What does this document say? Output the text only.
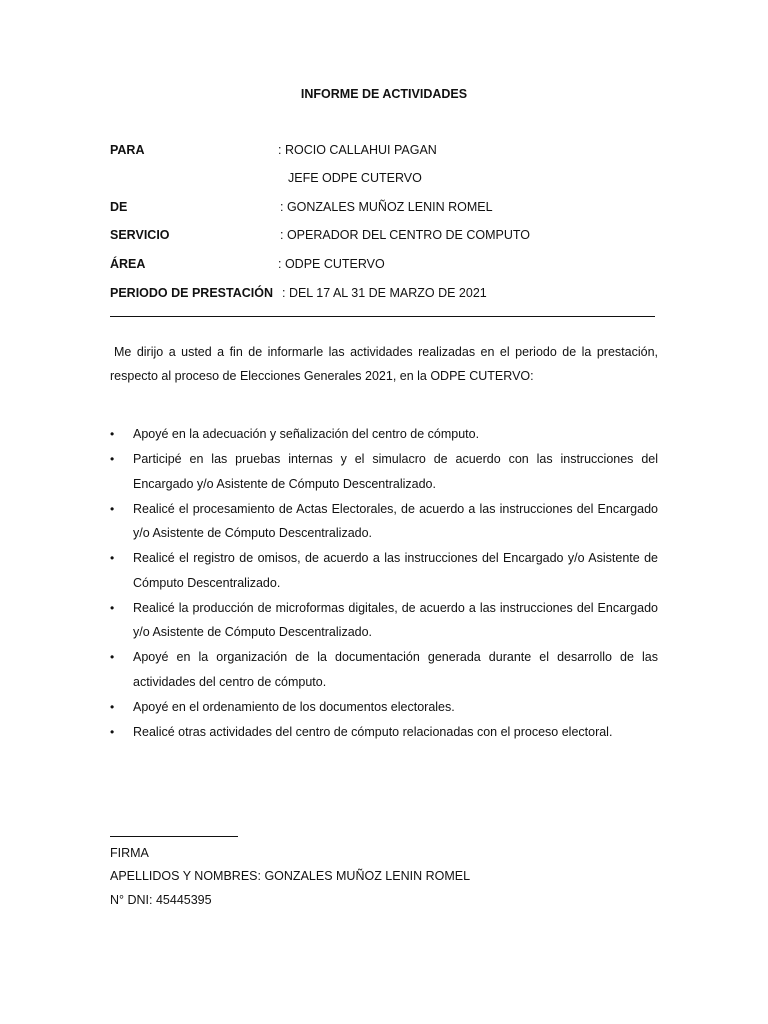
INFORME DE ACTIVIDADES
PARA	: ROCIO CALLAHUI PAGAN
JEFE ODPE CUTERVO
DE	: GONZALES MUÑOZ LENIN ROMEL
SERVICIO	: OPERADOR DEL CENTRO DE COMPUTO
ÁREA	: ODPE CUTERVO
PERIODO DE PRESTACIÓN : DEL 17 AL 31 DE MARZO DE 2021
Me dirijo a usted a fin de informarle las actividades realizadas en el periodo de la prestación, respecto al proceso de Elecciones Generales 2021, en la ODPE CUTERVO:
•	Apoyé en la adecuación y señalización del centro de cómputo.
•	Participé en las pruebas internas y el simulacro de acuerdo con las instrucciones del Encargado y/o Asistente de Cómputo Descentralizado.
•	Realicé el procesamiento de Actas Electorales, de acuerdo a las instrucciones del Encargado y/o Asistente de Cómputo Descentralizado.
•	Realicé el registro de omisos, de acuerdo a las instrucciones del Encargado y/o Asistente de Cómputo Descentralizado.
•	Realicé la producción de microformas digitales, de acuerdo a las instrucciones del Encargado y/o Asistente de Cómputo Descentralizado.
•	Apoyé en la organización de la documentación generada durante el desarrollo de las actividades del centro de cómputo.
•	Apoyé en el ordenamiento de los documentos electorales.
•	Realicé otras actividades del centro de cómputo relacionadas con el proceso electoral.
FIRMA
APELLIDOS Y NOMBRES: GONZALES MUÑOZ LENIN ROMEL
N° DNI: 45445395
